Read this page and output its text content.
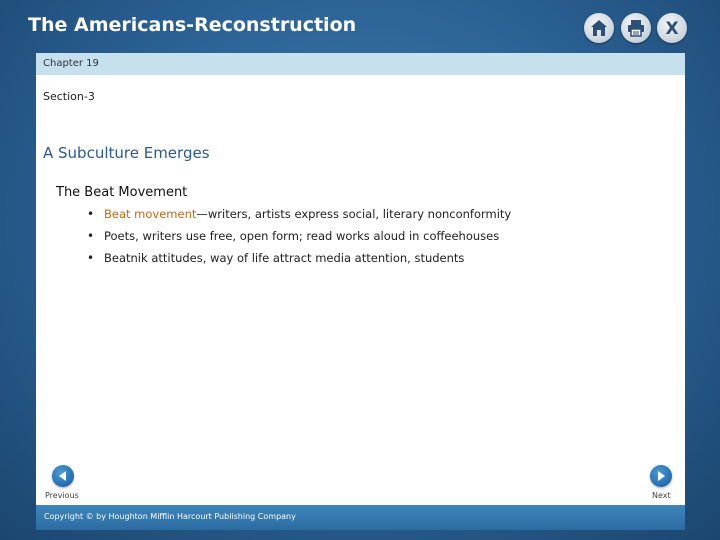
The Americans-Reconstruction	X
Chapter 19
Section-3
A Subculture Emerges
The Beat Movement
• Beat movement—writers, artists express social, literary nonconformity
• Poets, writers use free, open form; read works aloud in coffeehouses
• Beatnik attitudes, way of life attract media attention, students
Previous	Next
Copyright © by Houghton Mifflin Harcourt Publishing Company
